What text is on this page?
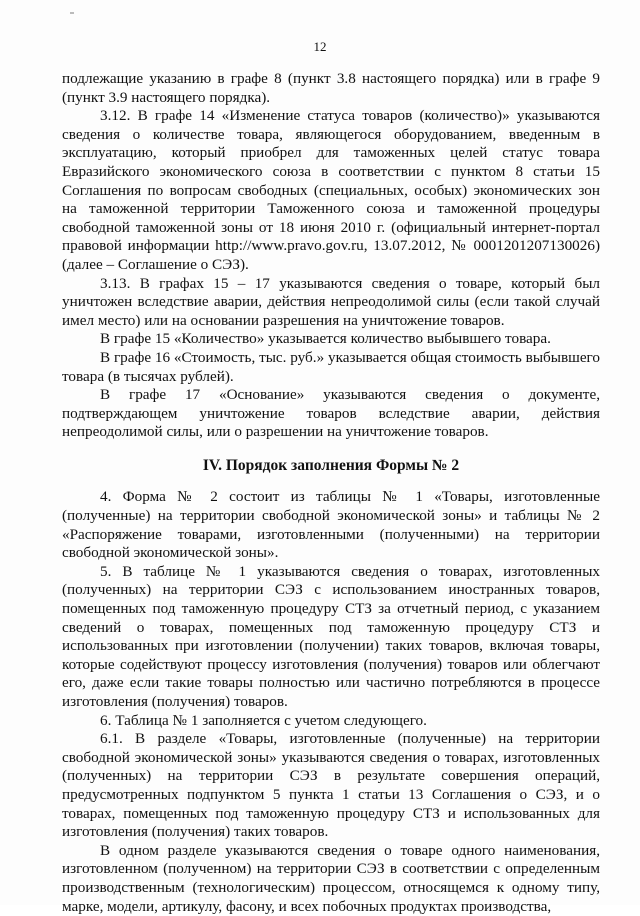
12

подлежащие указанию в графе 8 (пункт 3.8 настоящего порядка) или в графе 9 (пункт 3.9 настоящего порядка).

3.12. В графе 14 «Изменение статуса товаров (количество)» указываются сведения о количестве товара, являющегося оборудованием, введенным в эксплуатацию, который приобрел для таможенных целей статус товара Евразийского экономического союза в соответствии с пунктом 8 статьи 15 Соглашения по вопросам свободных (специальных, особых) экономических зон на таможенной территории Таможенного союза и таможенной процедуры свободной таможенной зоны от 18 июня 2010 г. (официальный интернет-портал правовой информации http://www.pravo.gov.ru, 13.07.2012, № 0001201207130026) (далее – Соглашение о СЭЗ).

3.13. В графах 15 – 17 указываются сведения о товаре, который был уничтожен вследствие аварии, действия непреодолимой силы (если такой случай имел место) или на основании разрешения на уничтожение товаров.

В графе 15 «Количество» указывается количество выбывшего товара.

В графе 16 «Стоимость, тыс. руб.» указывается общая стоимость выбывшего товара (в тысячах рублей).

В графе 17 «Основание» указываются сведения о документе, подтверждающем уничтожение товаров вследствие аварии, действия непреодолимой силы, или о разрешении на уничтожение товаров.

IV. Порядок заполнения Формы № 2

4. Форма № 2 состоит из таблицы № 1 «Товары, изготовленные (полученные) на территории свободной экономической зоны» и таблицы № 2 «Распоряжение товарами, изготовленными (полученными) на территории свободной экономической зоны».

5. В таблице № 1 указываются сведения о товарах, изготовленных (полученных) на территории СЭЗ с использованием иностранных товаров, помещенных под таможенную процедуру СТЗ за отчетный период, с указанием сведений о товарах, помещенных под таможенную процедуру СТЗ и использованных при изготовлении (получении) таких товаров, включая товары, которые содействуют процессу изготовления (получения) товаров или облегчают его, даже если такие товары полностью или частично потребляются в процессе изготовления (получения) товаров.

6. Таблица № 1 заполняется с учетом следующего.

6.1. В разделе «Товары, изготовленные (полученные) на территории свободной экономической зоны» указываются сведения о товарах, изготовленных (полученных) на территории СЭЗ в результате совершения операций, предусмотренных подпунктом 5 пункта 1 статьи 13 Соглашения о СЭЗ, и о товарах, помещенных под таможенную процедуру СТЗ и использованных для изготовления (получения) таких товаров.

В одном разделе указываются сведения о товаре одного наименования, изготовленном (полученном) на территории СЭЗ в соответствии с определенным производственным (технологическим) процессом, относящемся к одному типу, марке, модели, артикулу, фасону, и всех побочных продуктах производства,
